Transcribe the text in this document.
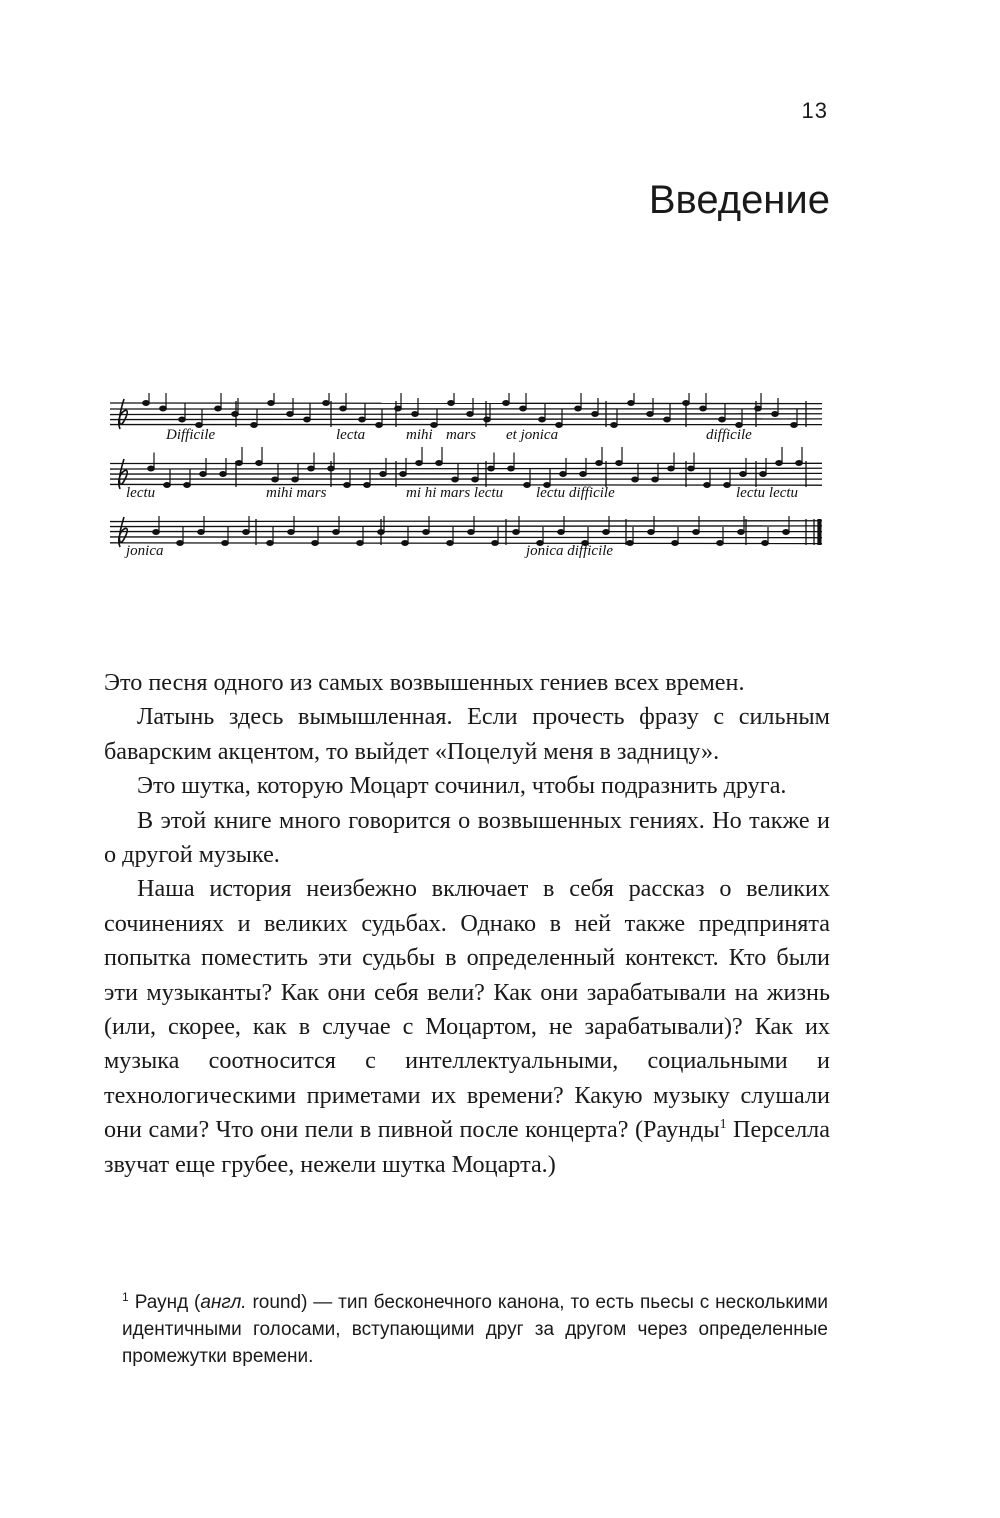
13
Введение
Difficile	lecta	mihi mars et jonica	difficile
lectu	mihi mars	mi hi mars lectu lectu difficile	lectu lectu
jonica	jonica difficile

Это песня одного из самых возвышенных гениев всех времен.

Латынь здесь вымышленная. Если прочесть фразу с сильным баварским акцентом, то выйдет «Поцелуй меня в задницу».

Это шутка, которую Моцарт сочинил, чтобы подразнить друга.

В этой книге много говорится о возвышенных гениях. Но также и о другой музыке.

Наша история неизбежно включает в себя рассказ о великих сочинениях и великих судьбах. Однако в ней также предпринята попытка поместить эти судьбы в определенный контекст. Кто были эти музыканты? Как они себя вели? Как они зарабатывали на жизнь (или, скорее, как в случае с Моцартом, не зарабатывали)? Как их музыка соотносится с интеллектуальными, социальными и технологическими приметами их времени? Какую музыку слушали они сами? Что они пели в пивной после концерта? (Раунды$^1$ Перселла звучат еще грубее, нежели шутка Моцарта.)

$^1$ Раунд (англ. round) — тип бесконечного канона, то есть пьесы с несколькими идентичными голосами, вступающими друг за другом через определенные промежутки времени.
